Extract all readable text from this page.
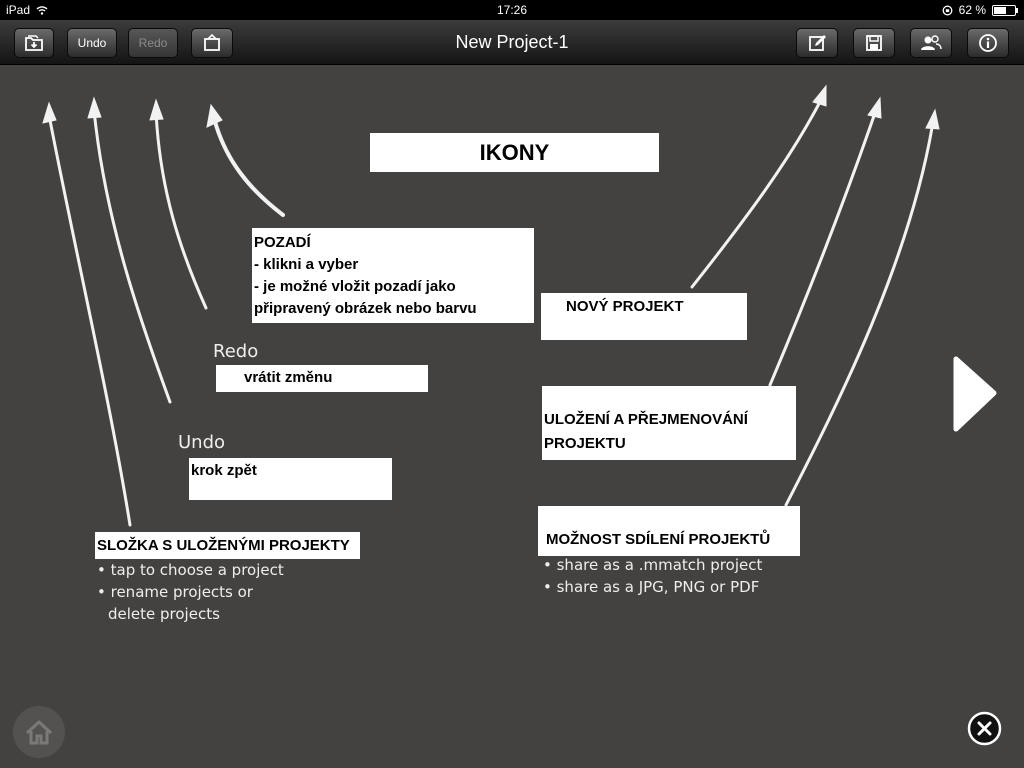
iPad	17:26	62 %
Undo	Redo	New Project-1
IKONY
POZADÍ
- klikni a vyber
- je možné vložit pozadí jako
připravený obrázek nebo barvu
Redo
vrátit změnu
Undo
krok zpět
SLOŽKA S ULOŽENÝMI PROJEKTY
• tap to choose a project
• rename projects or
delete projects
NOVÝ PROJEKT
ULOŽENÍ A PŘEJMENOVÁNÍ
PROJEKTU
MOŽNOST SDÍLENÍ PROJEKTŮ
• share as a .mmatch project
• share as a JPG, PNG or PDF
